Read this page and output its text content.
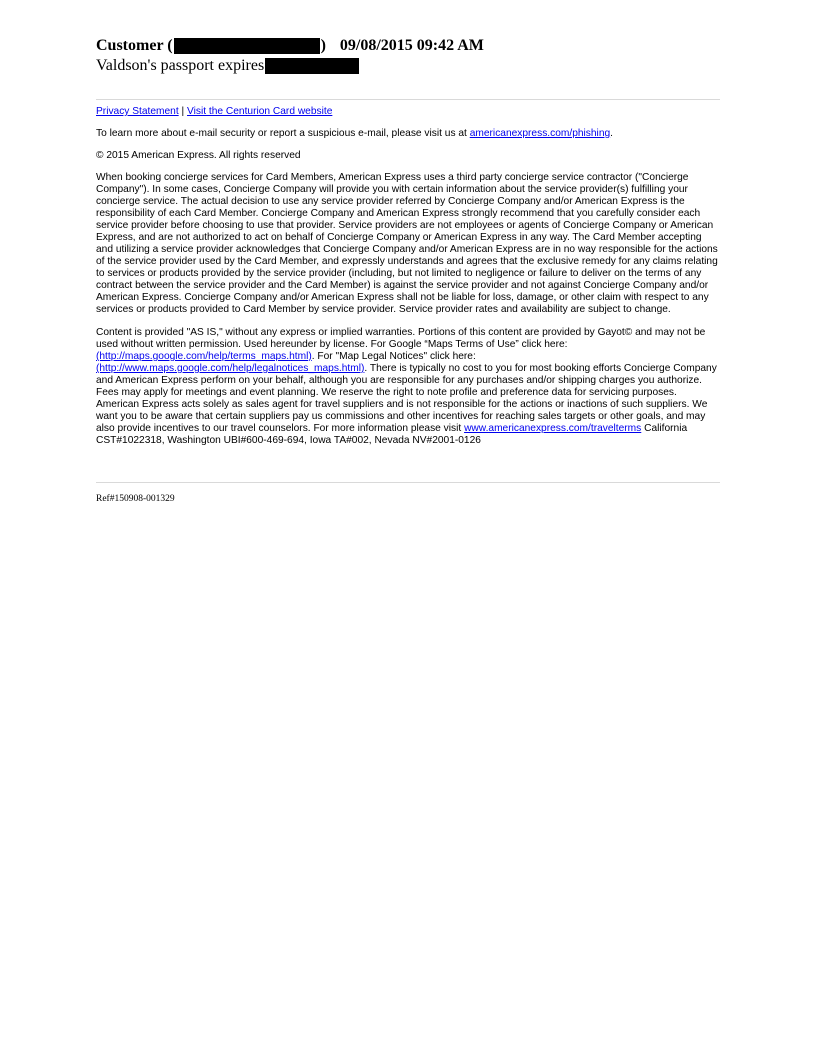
Customer (	) 09/08/2015 09:42 AM
Valdson's passport expires

Privacy Statement | Visit the Centurion Card website

To learn more about e-mail security or report a suspicious e-mail, please visit us at americanexpress.com/phishing.

© 2015 American Express. All rights reserved

When booking concierge services for Card Members, American Express uses a third party concierge service contractor ("Concierge Company"). In some cases, Concierge Company will provide you with certain information about the service provider(s) fulfilling your concierge service. The actual decision to use any service provider referred by Concierge Company and/or American Express is the responsibility of each Card Member. Concierge Company and American Express strongly recommend that you carefully consider each service provider before choosing to use that provider. Service providers are not employees or agents of Concierge Company or American Express, and are not authorized to act on behalf of Concierge Company or American Express in any way. The Card Member accepting and utilizing a service provider acknowledges that Concierge Company and/or American Express are in no way responsible for the actions of the service provider used by the Card Member, and expressly understands and agrees that the exclusive remedy for any claims relating to services or products provided by the service provider (including, but not limited to negligence or failure to deliver on the terms of any contract between the service provider and the Card Member) is against the service provider and not against Concierge Company and/or American Express. Concierge Company and/or American Express shall not be liable for loss, damage, or other claim with respect to any services or products provided to Card Member by service provider. Service provider rates and availability are subject to change.

Content is provided "AS IS," without any express or implied warranties. Portions of this content are provided by Gayot© and may not be used without written permission. Used hereunder by license. For Google “Maps Terms of Use” click here:
(http://maps.google.com/help/terms_maps.html). For "Map Legal Notices" click here:
(http://www.maps.google.com/help/legalnotices_maps.html). There is typically no cost to you for most booking efforts Concierge Company and American Express perform on your behalf, although you are responsible for any purchases and/or shipping charges you authorize. Fees may apply for meetings and event planning. We reserve the right to note profile and preference data for servicing purposes. American Express acts solely as sales agent for travel suppliers and is not responsible for the actions or inactions of such suppliers. We want you to be aware that certain suppliers pay us commissions and other incentives for reaching sales targets or other goals, and may also provide incentives to our travel counselors. For more information please visit www.americanexpress.com/travelterms California CST#1022318, Washington UBI#600-469-694, Iowa TA#002, Nevada NV#2001-0126

Ref#150908-001329
